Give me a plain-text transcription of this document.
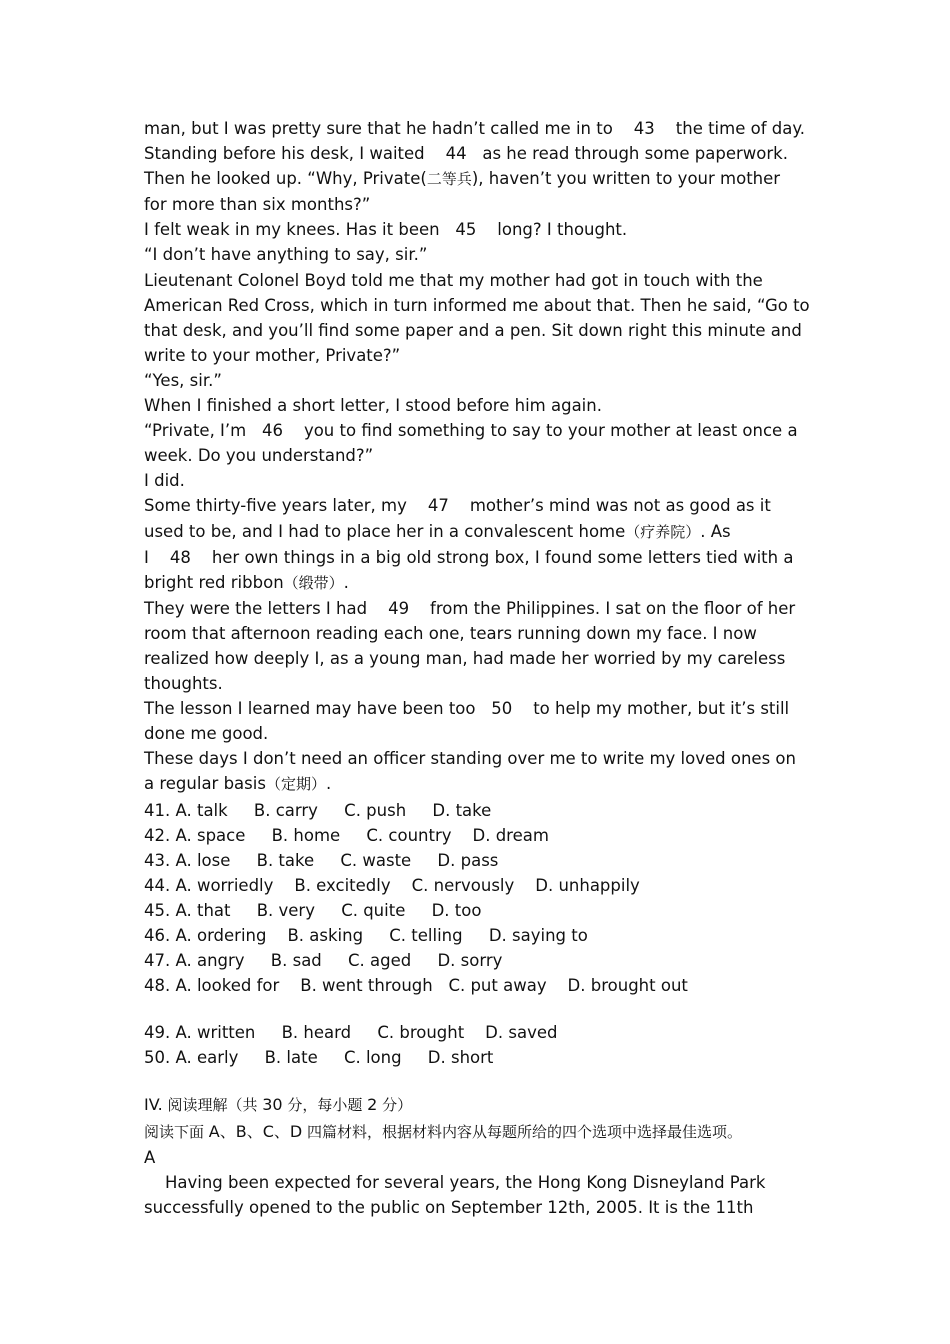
man, but I was pretty sure that he hadn’t called me in to    43    the time of day.
Standing before his desk, I waited    44   as he read through some paperwork.
Then he looked up. “Why, Private(二等兵), haven’t you written to your mother
for more than six months?”
I felt weak in my knees. Has it been   45    long? I thought.
“I don’t have anything to say, sir.”
Lieutenant Colonel Boyd told me that my mother had got in touch with the
American Red Cross, which in turn informed me about that. Then he said, “Go to
that desk, and you’ll find some paper and a pen. Sit down right this minute and
write to your mother, Private?”
“Yes, sir.”
When I finished a short letter, I stood before him again.
“Private, I’m   46    you to find something to say to your mother at least once a
week. Do you understand?”
I did.
Some thirty-five years later, my    47    mother’s mind was not as good as it
used to be, and I had to place her in a convalescent home（疗养院）. As
I    48    her own things in a big old strong box, I found some letters tied with a
bright red ribbon（缎带）.
They were the letters I had    49    from the Philippines. I sat on the floor of her
room that afternoon reading each one, tears running down my face. I now
realized how deeply I, as a young man, had made her worried by my careless
thoughts.
The lesson I learned may have been too   50    to help my mother, but it’s still
done me good.
These days I don’t need an officer standing over me to write my loved ones on
a regular basis（定期）.
41. A. talk     B. carry     C. push     D. take
42. A. space     B. home     C. country    D. dream
43. A. lose     B. take     C. waste     D. pass
44. A. worriedly    B. excitedly    C. nervously    D. unhappily
45. A. that     B. very     C. quite     D. too
46. A. ordering    B. asking     C. telling     D. saying to
47. A. angry     B. sad     C. aged     D. sorry
48. A. looked for    B. went through   C. put away    D. brought out
49. A. written     B. heard     C. brought    D. saved
50. A. early     B. late     C. long     D. short
IV. 阅读理解（共 30 分，每小题 2 分）
阅读下面 A、B、C、D 四篇材料，根据材料内容从每题所给的四个选项中选择最佳选项。
A
Having been expected for several years, the Hong Kong Disneyland Park
successfully opened to the public on September 12th, 2005. It is the 11th
